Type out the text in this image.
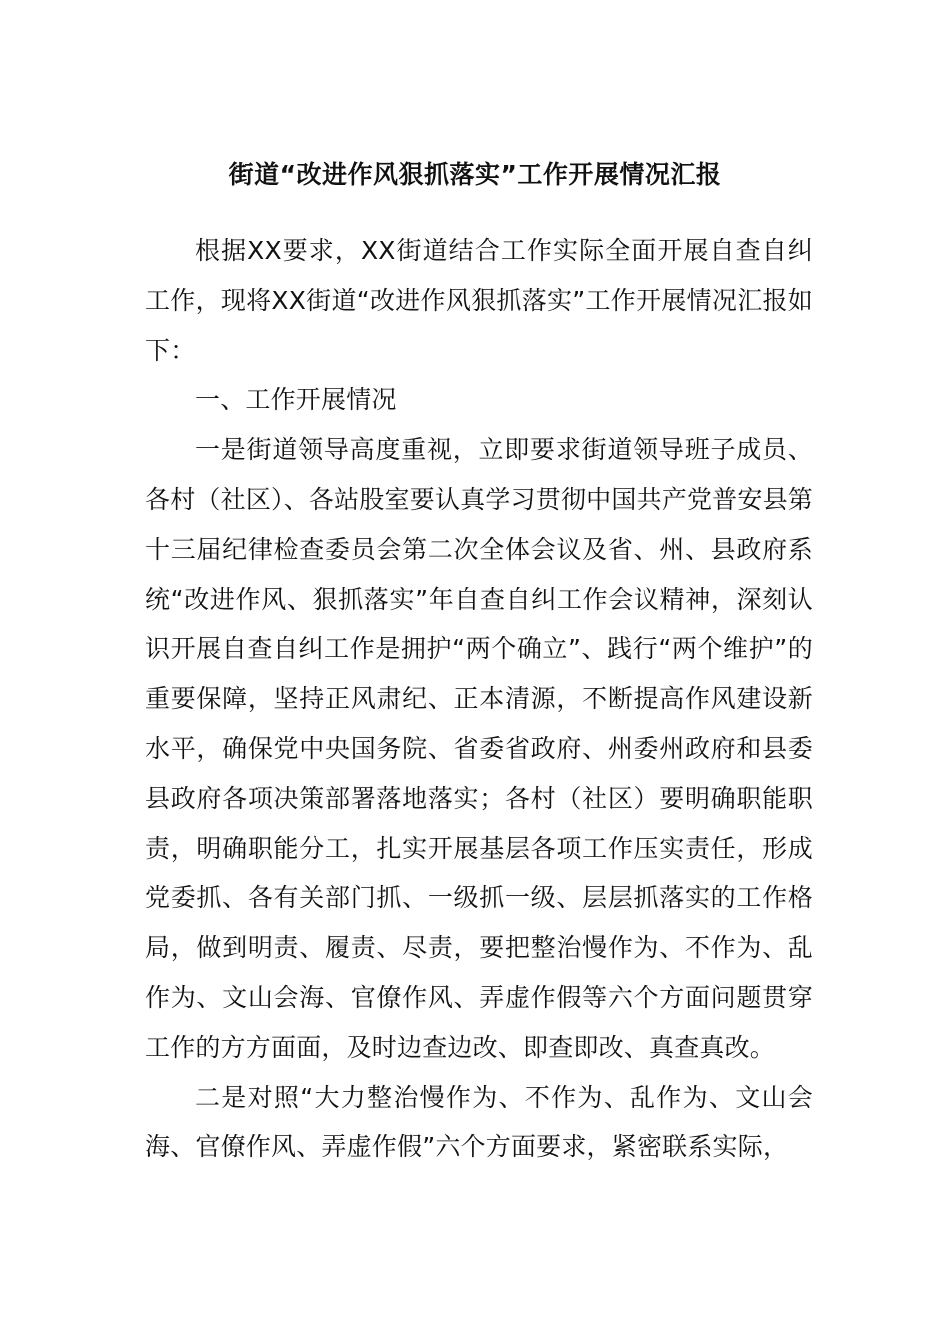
街道“改进作风狠抓落实”工作开展情况汇报

根据XX要求，XX街道结合工作实际全面开展自查自纠工作，现将XX街道“改进作风狠抓落实”工作开展情况汇报如下：

一、工作开展情况

一是街道领导高度重视，立即要求街道领导班子成员、各村（社区）、各站股室要认真学习贯彻中国共产党普安县第十三届纪律检查委员会第二次全体会议及省、州、县政府系统“改进作风、狠抓落实”年自查自纠工作会议精神，深刻认识开展自查自纠工作是拥护“两个确立”、践行“两个维护”的重要保障，坚持正风肃纪、正本清源，不断提高作风建设新水平，确保党中央国务院、省委省政府、州委州政府和县委县政府各项决策部署落地落实；各村（社区）要明确职能职责，明确职能分工，扎实开展基层各项工作压实责任，形成党委抓、各有关部门抓、一级抓一级、层层抓落实的工作格局，做到明责、履责、尽责，要把整治慢作为、不作为、乱作为、文山会海、官僚作风、弄虚作假等六个方面问题贯穿工作的方方面面，及时边查边改、即查即改、真查真改。

二是对照“大力整治慢作为、不作为、乱作为、文山会海、官僚作风、弄虚作假”六个方面要求，紧密联系实际，
